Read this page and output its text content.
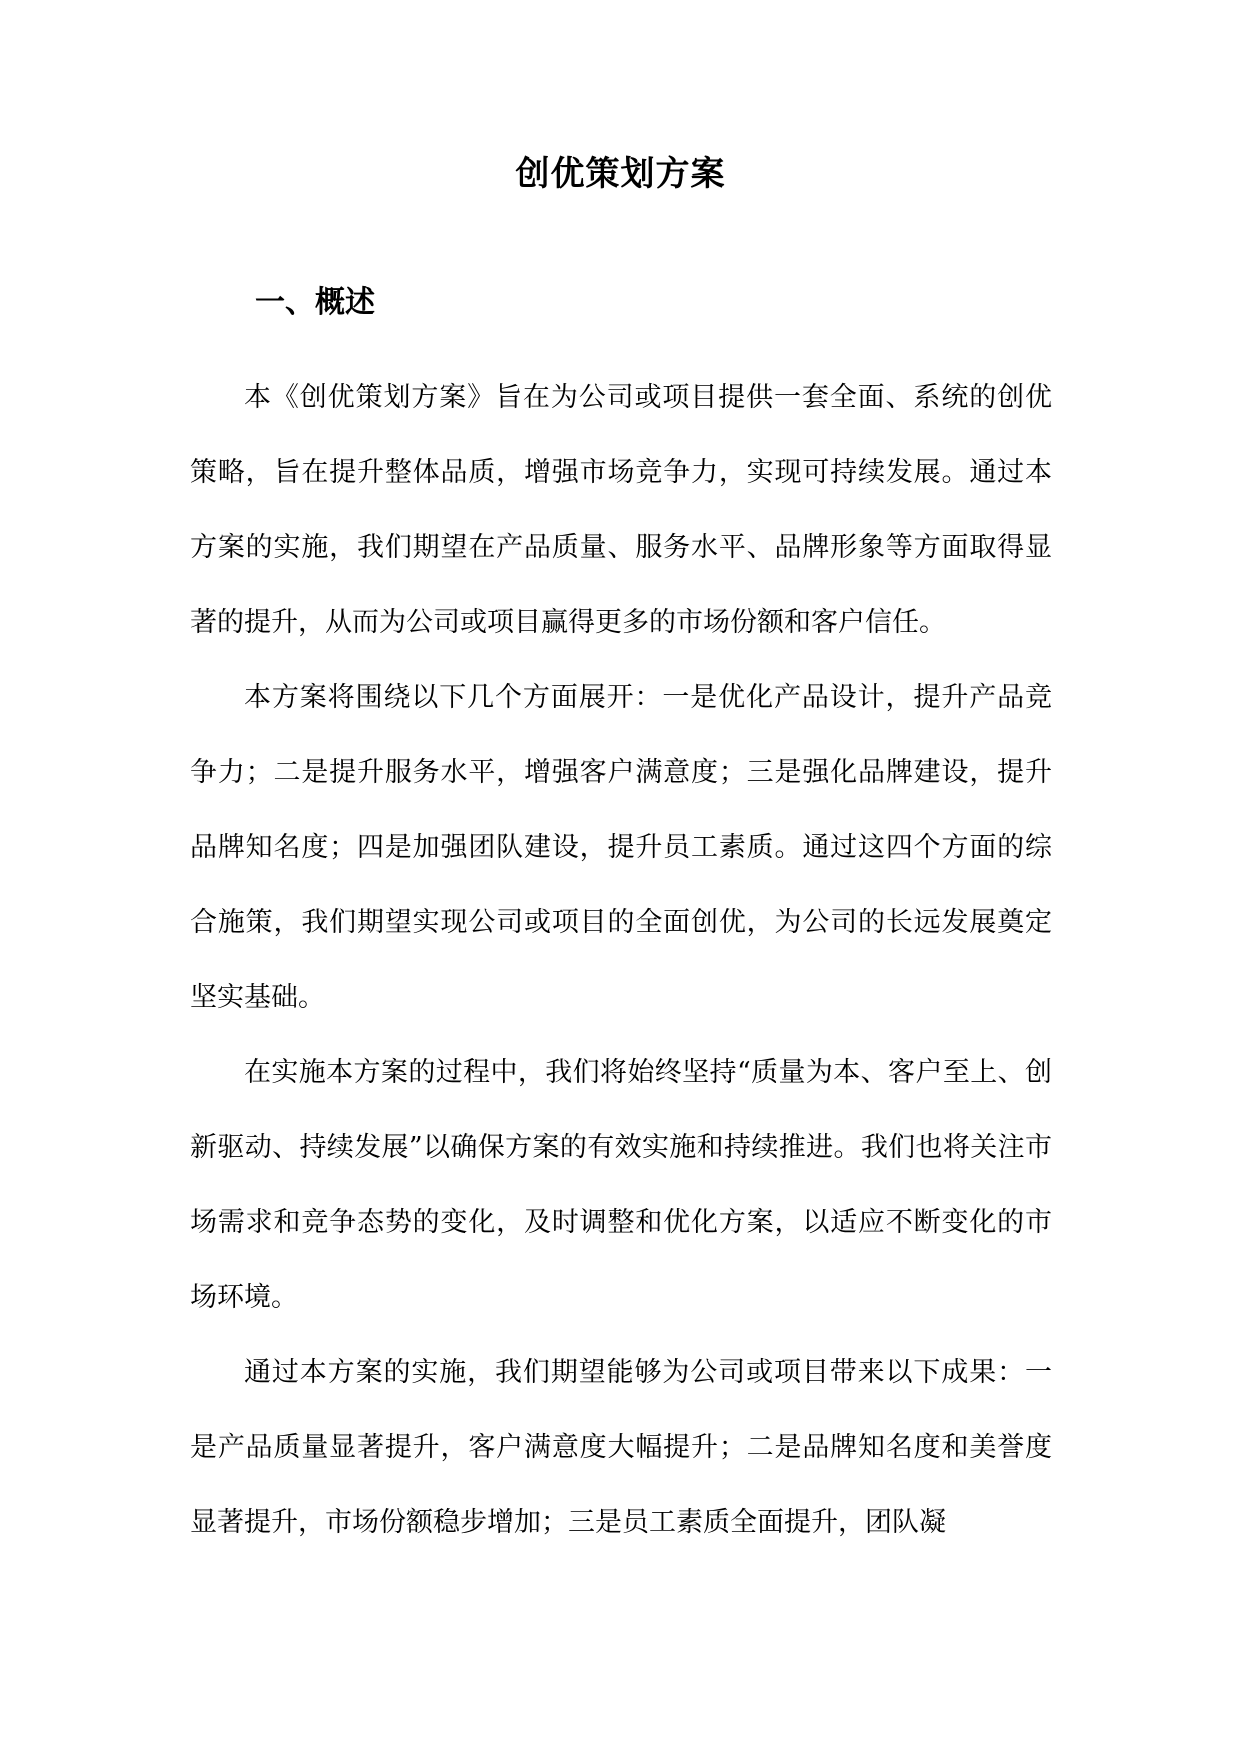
创优策划方案
一、概述

本《创优策划方案》旨在为公司或项目提供一套全面、系统的创优策略，旨在提升整体品质，增强市场竞争力，实现可持续发展。通过本方案的实施，我们期望在产品质量、服务水平、品牌形象等方面取得显著的提升，从而为公司或项目赢得更多的市场份额和客户信任。

本方案将围绕以下几个方面展开：一是优化产品设计，提升产品竞争力；二是提升服务水平，增强客户满意度；三是强化品牌建设，提升品牌知名度；四是加强团队建设，提升员工素质。通过这四个方面的综合施策，我们期望实现公司或项目的全面创优，为公司的长远发展奠定坚实基础。

在实施本方案的过程中，我们将始终坚持“质量为本、客户至上、创新驱动、持续发展”以确保方案的有效实施和持续推进。我们也将关注市场需求和竞争态势的变化，及时调整和优化方案，以适应不断变化的市场环境。

通过本方案的实施，我们期望能够为公司或项目带来以下成果：一是产品质量显著提升，客户满意度大幅提升；二是品牌知名度和美誉度显著提升，市场份额稳步增加；三是员工素质全面提升，团队凝
